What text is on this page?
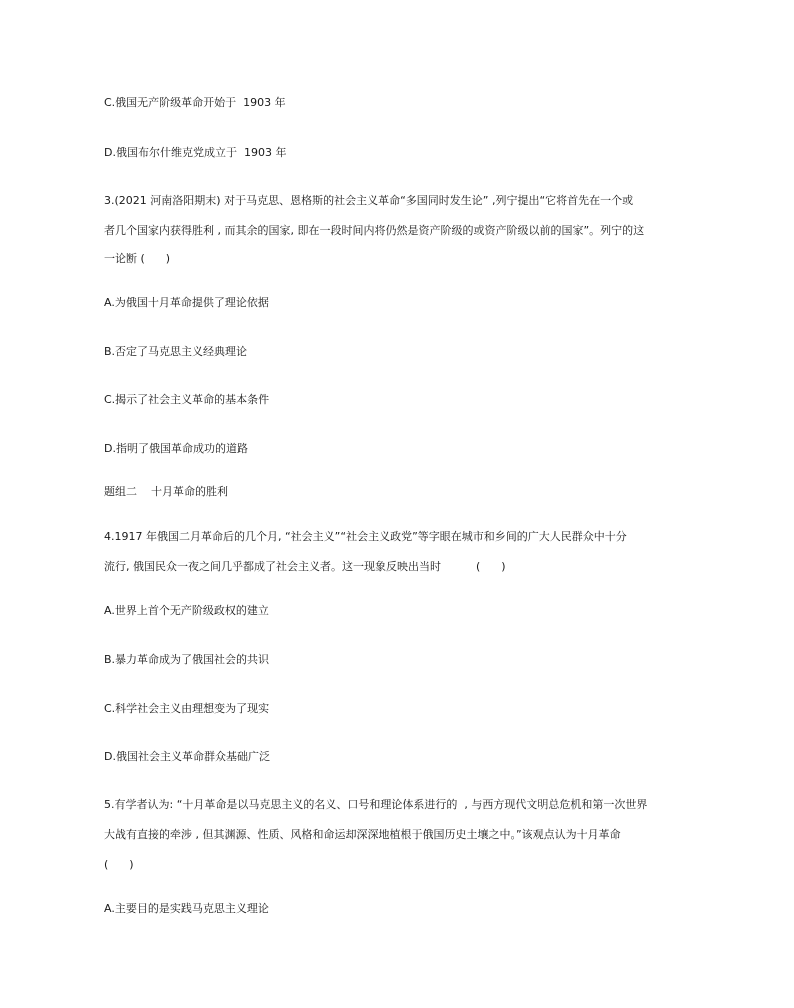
C.俄国无产阶级革命开始于  1903 年

D.俄国布尔什维克党成立于  1903 年

3.(2021 河南洛阳期末) 对于马克思、恩格斯的社会主义革命“多国同时发生论” ,列宁提出“它将首先在一个或

者几个国家内获得胜利 , 而其余的国家, 即在一段时间内将仍然是资产阶级的或资产阶级以前的国家”。列宁的这

一论断 (      )

A.为俄国十月革命提供了理论依据

B.否定了马克思主义经典理论

C.揭示了社会主义革命的基本条件

D.指明了俄国革命成功的道路

题组二    十月革命的胜利

4.1917 年俄国二月革命后的几个月, “社会主义”“社会主义政党”等字眼在城市和乡间的广大人民群众中十分

流行, 俄国民众一夜之间几乎都成了社会主义者。这一现象反映出当时          (      )

A.世界上首个无产阶级政权的建立

B.暴力革命成为了俄国社会的共识

C.科学社会主义由理想变为了现实

D.俄国社会主义革命群众基础广泛

5.有学者认为: “十月革命是以马克思主义的名义、口号和理论体系进行的  , 与西方现代文明总危机和第一次世界

大战有直接的牵涉 , 但其渊源、性质、风格和命运却深深地植根于俄国历史土壤之中。”该观点认为十月革命

(      )

A.主要目的是实践马克思主义理论
